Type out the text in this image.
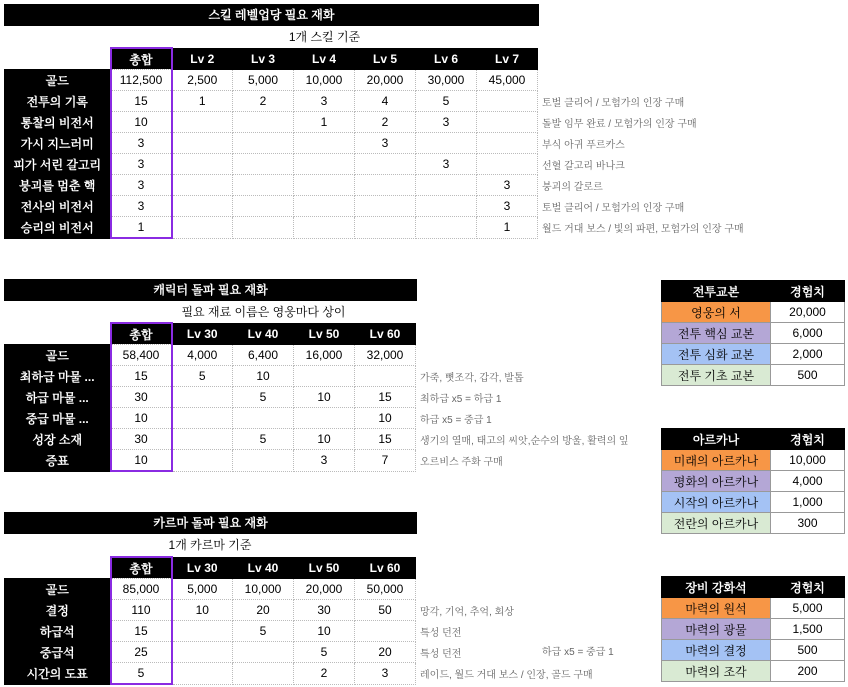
스킬 레벨업당 필요 재화
1개 스킬 기준
	총합	Lv 2	Lv 3	Lv 4	Lv 5	Lv 6	Lv 7	
골드	112,500	2,500	5,000	10,000	20,000	30,000	45,000	
전투의 기록	15	1	2	3	4	5		토벌 클리어 / 모험가의 인장 구매
통찰의 비전서	10			1	2	3		돌발 임무 완료 / 모험가의 인장 구매
가시 지느러미	3				3			부식 아귀 푸르카스
피가 서린 갈고리	3					3		선혈 갈고리 바나크
붕괴를 멈춘 핵	3						3	붕괴의 갈로르
전사의 비전서	3						3	토벌 클리어 / 모험가의 인장 구매
승리의 비전서	1						1	월드 거대 보스 / 빛의 파편, 모험가의 인장 구매
캐릭터 돌파 필요 재화
필요 재료 이름은 영웅마다 상이
	총합	Lv 30	Lv 40	Lv 50	Lv 60	
골드	58,400	4,000	6,400	16,000	32,000	
최하급 마물 ...	15	5	10			가죽, 뼛조각, 갑각, 발톱
하급 마물 ...	30		5	10	15	최하급 x5 = 하급 1
중급 마물 ...	10				10	하급 x5 = 중급 1
성장 소재	30		5	10	15	생기의 열매, 태고의 씨앗,순수의 방울, 활력의 잎
증표	10			3	7	오르비스 주화 구매
카르마 돌파 필요 재화
1개 카르마 기준
	총합	Lv 30	Lv 40	Lv 50	Lv 60	
골드	85,000	5,000	10,000	20,000	50,000	
결정	110	10	20	30	50	망각, 기억, 추억, 회상
하급석	15		5	10		특성 던전
중급석	25			5	20	특성 던전
시간의 도표	5			2	3	레이드, 월드 거대 보스 / 인장, 골드 구매
하급 x5 = 중급 1
전투교본	경험치
영웅의 서	20,000
전투 핵심 교본	6,000
전투 심화 교본	2,000
전투 기초 교본	500
아르카나	경험치
미래의 아르카나	10,000
평화의 아르카나	4,000
시작의 아르카나	1,000
전란의 아르카나	300
장비 강화석	경험치
마력의 원석	5,000
마력의 광물	1,500
마력의 결정	500
마력의 조각	200
